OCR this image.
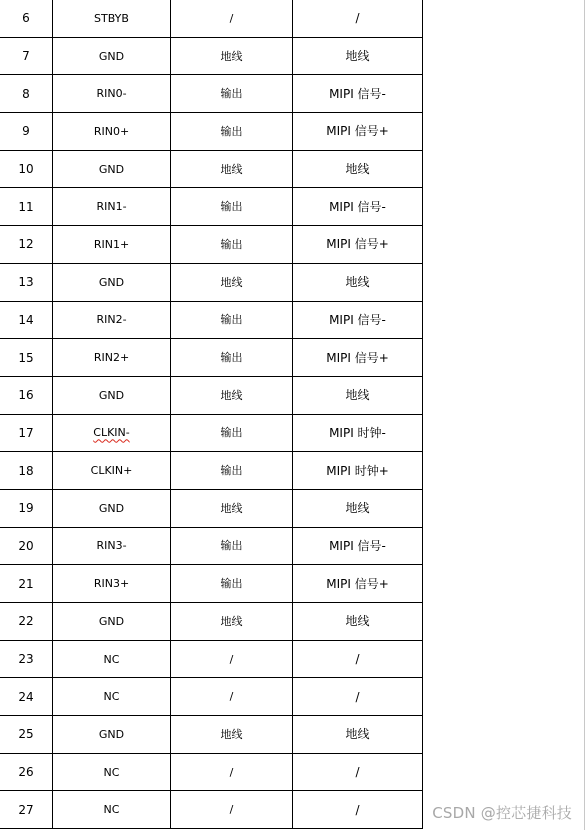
6	STBYB	/	/
7	GND	地线	地线
8	RIN0-	输出	MIPI 信号-
9	RIN0+	输出	MIPI 信号+
10	GND	地线	地线
11	RIN1-	输出	MIPI 信号-
12	RIN1+	输出	MIPI 信号+
13	GND	地线	地线
14	RIN2-	输出	MIPI 信号-
15	RIN2+	输出	MIPI 信号+
16	GND	地线	地线
17	CLKIN-	输出	MIPI 时钟-
18	CLKIN+	输出	MIPI 时钟+
19	GND	地线	地线
20	RIN3-	输出	MIPI 信号-
21	RIN3+	输出	MIPI 信号+
22	GND	地线	地线
23	NC	/	/
24	NC	/	/
25	GND	地线	地线
26	NC	/	/
27	NC	/	/	CSDN @控芯捷科技
